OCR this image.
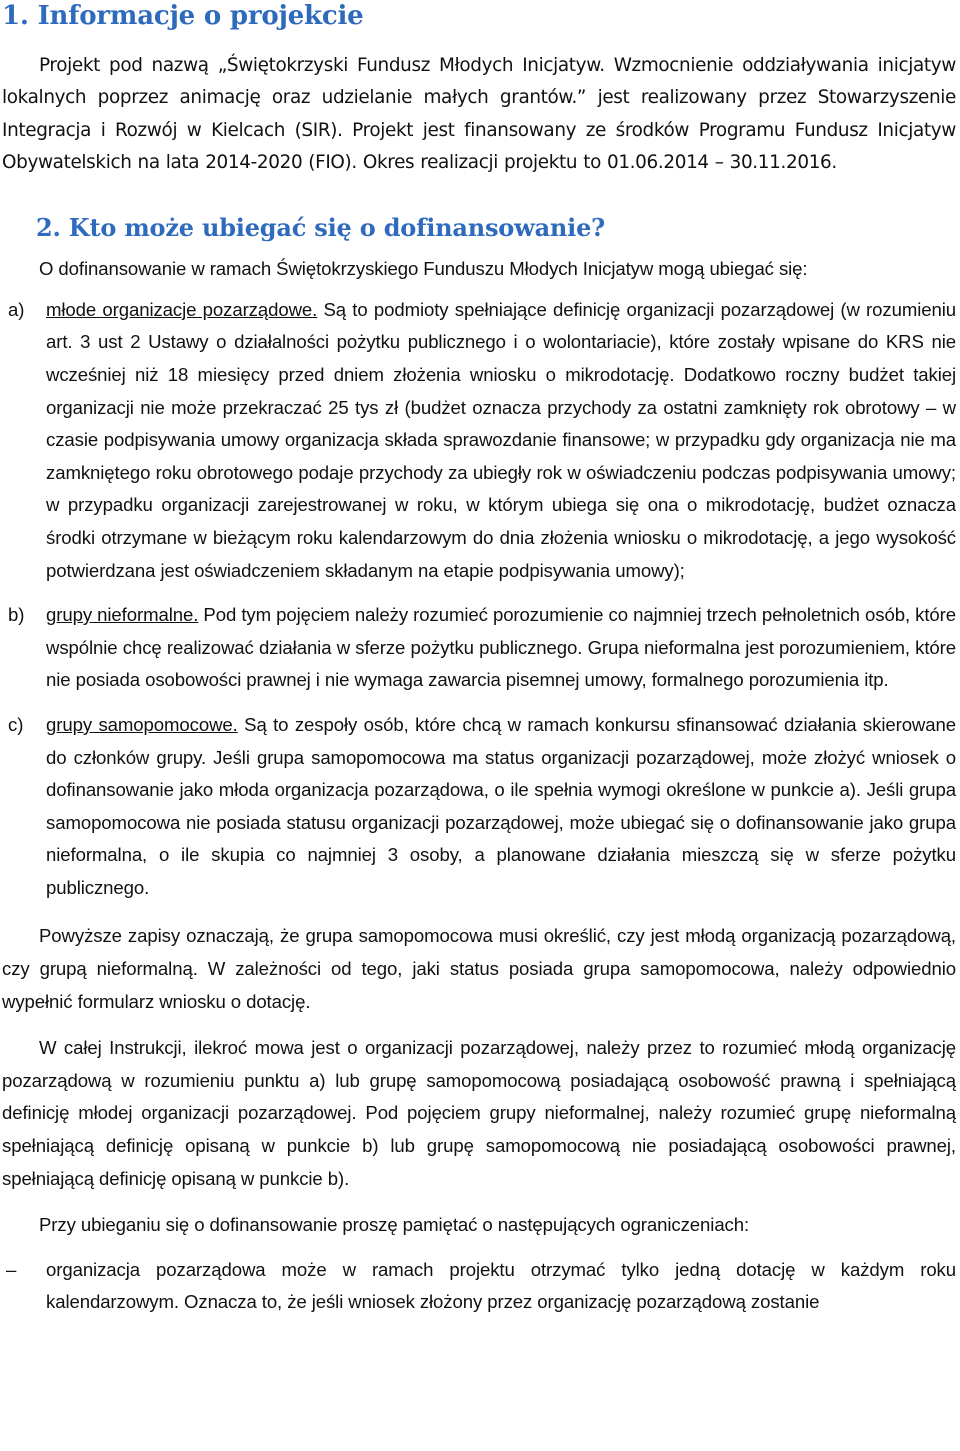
1. Informacje o projekcie

Projekt pod nazwą „Świętokrzyski Fundusz Młodych Inicjatyw. Wzmocnienie oddziaływania inicjatyw lokalnych poprzez animację oraz udzielanie małych grantów.” jest realizowany przez Stowarzyszenie Integracja i Rozwój w Kielcach (SIR). Projekt jest finansowany ze środków Programu Fundusz Inicjatyw Obywatelskich na lata 2014-2020 (FIO). Okres realizacji projektu to 01.06.2014 – 30.11.2016.

2. Kto może ubiegać się o dofinansowanie?

O dofinansowanie w ramach Świętokrzyskiego Funduszu Młodych Inicjatyw mogą ubiegać się:

a) młode organizacje pozarządowe. Są to podmioty spełniające definicję organizacji pozarządowej (w rozumieniu art. 3 ust 2 Ustawy o działalności pożytku publicznego i o wolontariacie), które zostały wpisane do KRS nie wcześniej niż 18 miesięcy przed dniem złożenia wniosku o mikrodotację. Dodatkowo roczny budżet takiej organizacji nie może przekraczać 25 tys zł (budżet oznacza przychody za ostatni zamknięty rok obrotowy – w czasie podpisywania umowy organizacja składa sprawozdanie finansowe; w przypadku gdy organizacja nie ma zamkniętego roku obrotowego podaje przychody za ubiegły rok w oświadczeniu podczas podpisywania umowy; w przypadku organizacji zarejestrowanej w roku, w którym ubiega się ona o mikrodotację, budżet oznacza środki otrzymane w bieżącym roku kalendarzowym do dnia złożenia wniosku o mikrodotację, a jego wysokość potwierdzana jest oświadczeniem składanym na etapie podpisywania umowy);
b) grupy nieformalne. Pod tym pojęciem należy rozumieć porozumienie co najmniej trzech pełnoletnich osób, które wspólnie chcę realizować działania w sferze pożytku publicznego. Grupa nieformalna jest porozumieniem, które nie posiada osobowości prawnej i nie wymaga zawarcia pisemnej umowy, formalnego porozumienia itp.
c) grupy samopomocowe. Są to zespoły osób, które chcą w ramach konkursu sfinansować działania skierowane do członków grupy. Jeśli grupa samopomocowa ma status organizacji pozarządowej, może złożyć wniosek o dofinansowanie jako młoda organizacja pozarządowa, o ile spełnia wymogi określone w punkcie a). Jeśli grupa samopomocowa nie posiada statusu organizacji pozarządowej, może ubiegać się o dofinansowanie jako grupa nieformalna, o ile skupia co najmniej 3 osoby, a planowane działania mieszczą się w sferze pożytku publicznego.

Powyższe zapisy oznaczają, że grupa samopomocowa musi określić, czy jest młodą organizacją pozarządową, czy grupą nieformalną. W zależności od tego, jaki status posiada grupa samopomocowa, należy odpowiednio wypełnić formularz wniosku o dotację.

W całej Instrukcji, ilekroć mowa jest o organizacji pozarządowej, należy przez to rozumieć młodą organizację pozarządową w rozumieniu punktu a) lub grupę samopomocową posiadającą osobowość prawną i spełniającą definicję młodej organizacji pozarządowej. Pod pojęciem grupy nieformalnej, należy rozumieć grupę nieformalną spełniającą definicję opisaną w punkcie b) lub grupę samopomocową nie posiadającą osobowości prawnej, spełniającą definicję opisaną w punkcie b).

Przy ubieganiu się o dofinansowanie proszę pamiętać o następujących ograniczeniach:

– organizacja pozarządowa może w ramach projektu otrzymać tylko jedną dotację w każdym roku kalendarzowym. Oznacza to, że jeśli wniosek złożony przez organizację pozarządową zostanie
